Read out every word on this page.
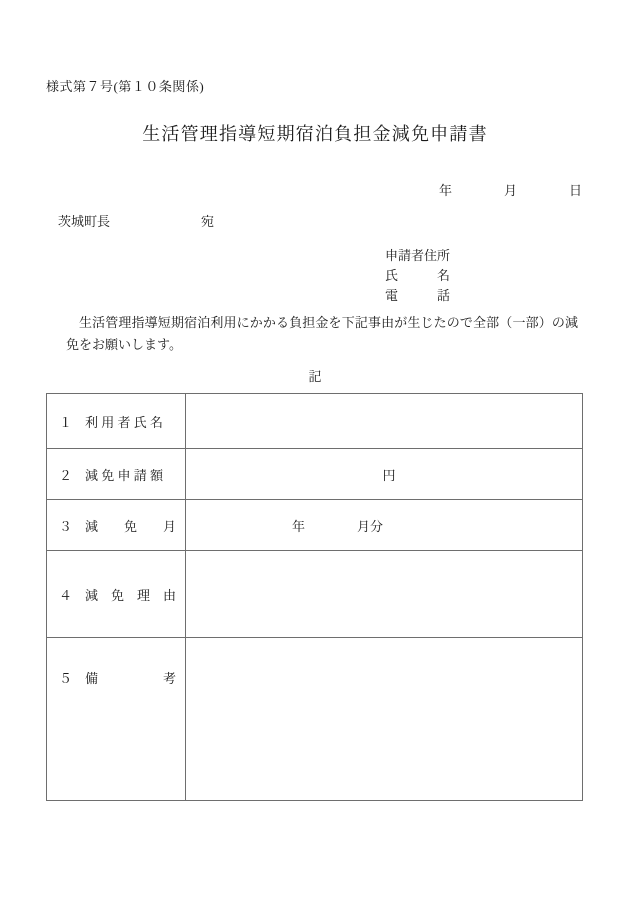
様式第７号(第１０条関係)
生活管理指導短期宿泊負担金減免申請書
年　　　　月　　　　日
茨城町長　　　　　　　宛
申請者住所
氏　　　名
電　　　話
生活管理指導短期宿泊利用にかかる負担金を下記事由が生じたので全部（一部）の減免をお願いします。
記
１　利 用 者 氏 名	

２　減 免 申 請 額	円

３　減　　免　　月	年　　　　月分

４　減　免　理　由	

５　備　　　　　考	
